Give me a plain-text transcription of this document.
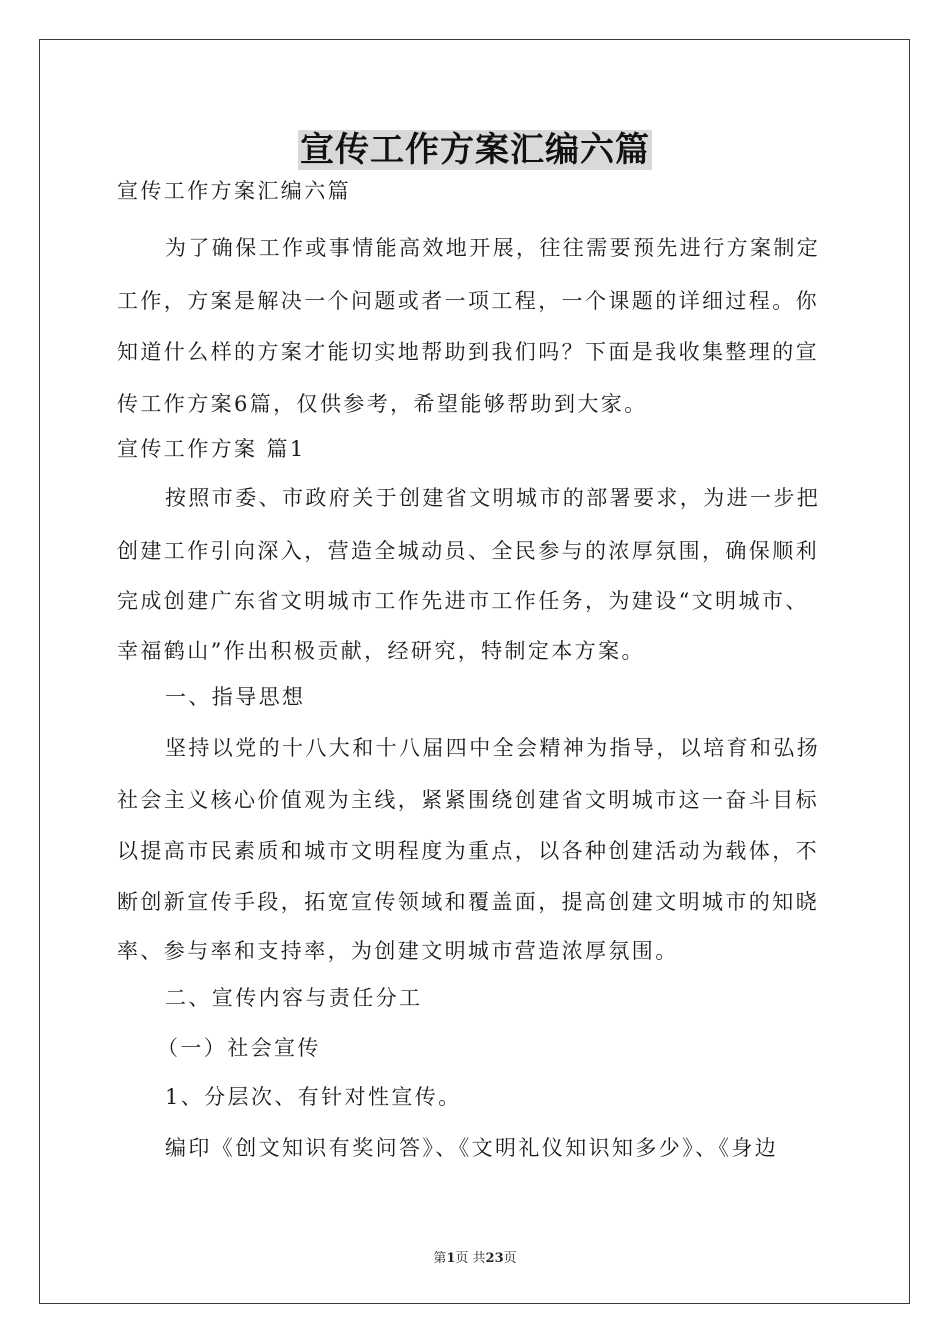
宣传工作方案汇编六篇

宣传工作方案汇编六篇

为了确保工作或事情能高效地开展，往往需要预先进行方案制定

工作，方案是解决一个问题或者一项工程，一个课题的详细过程。你

知道什么样的方案才能切实地帮助到我们吗？下面是我收集整理的宣

传工作方案6篇，仅供参考，希望能够帮助到大家。

宣传工作方案 篇1

按照市委、市政府关于创建省文明城市的部署要求，为进一步把

创建工作引向深入，营造全城动员、全民参与的浓厚氛围，确保顺利

完成创建广东省文明城市工作先进市工作任务，为建设“文明城市、

幸福鹤山”作出积极贡献，经研究，特制定本方案。

一、指导思想

坚持以党的十八大和十八届四中全会精神为指导，以培育和弘扬

社会主义核心价值观为主线，紧紧围绕创建省文明城市这一奋斗目标

以提高市民素质和城市文明程度为重点，以各种创建活动为载体，不

断创新宣传手段，拓宽宣传领域和覆盖面，提高创建文明城市的知晓

率、参与率和支持率，为创建文明城市营造浓厚氛围。

二、宣传内容与责任分工

（一）社会宣传

1、分层次、有针对性宣传。

编印《创文知识有奖问答》、《文明礼仪知识知多少》、《身边

第1页 共23页
